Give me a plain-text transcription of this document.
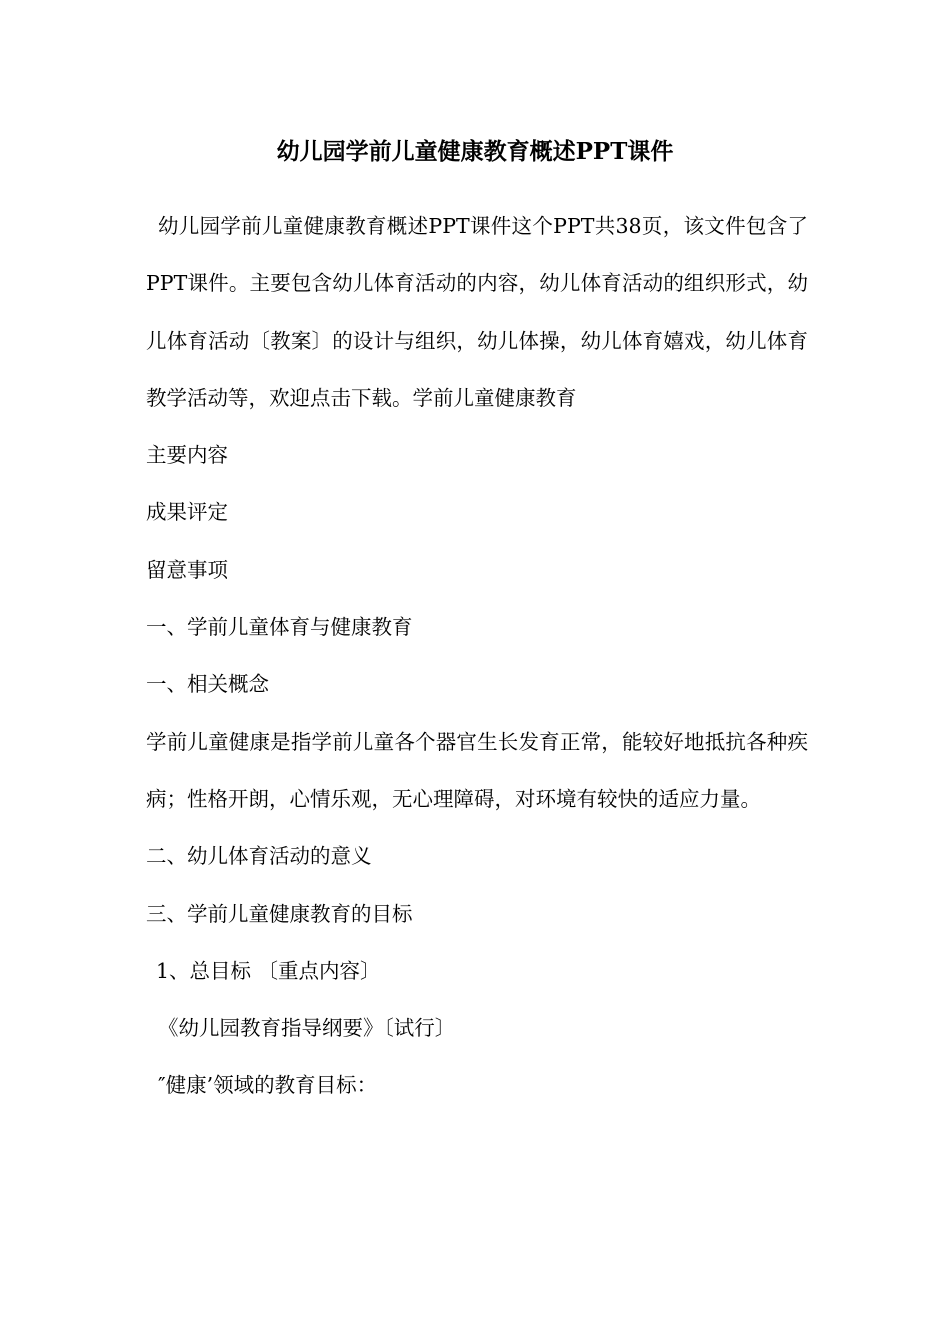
幼儿园学前儿童健康教育概述PPT课件

幼儿园学前儿童健康教育概述PPT课件这个PPT共38页，该文件包含了PPT课件。主要包含幼儿体育活动的内容，幼儿体育活动的组织形式，幼儿体育活动〔教案〕的设计与组织，幼儿体操，幼儿体育嬉戏，幼儿体育教学活动等，欢迎点击下载。学前儿童健康教育

主要内容

成果评定

留意事项

一、学前儿童体育与健康教育

一、相关概念

学前儿童健康是指学前儿童各个器官生长发育正常，能较好地抵抗各种疾病；性格开朗，心情乐观，无心理障碍，对环境有较快的适应力量。

二、幼儿体育活动的意义

三、学前儿童健康教育的目标

1、总目标 〔重点内容〕

《幼儿园教育指导纲要》〔试行〕

″健康’领域的教育目标：
